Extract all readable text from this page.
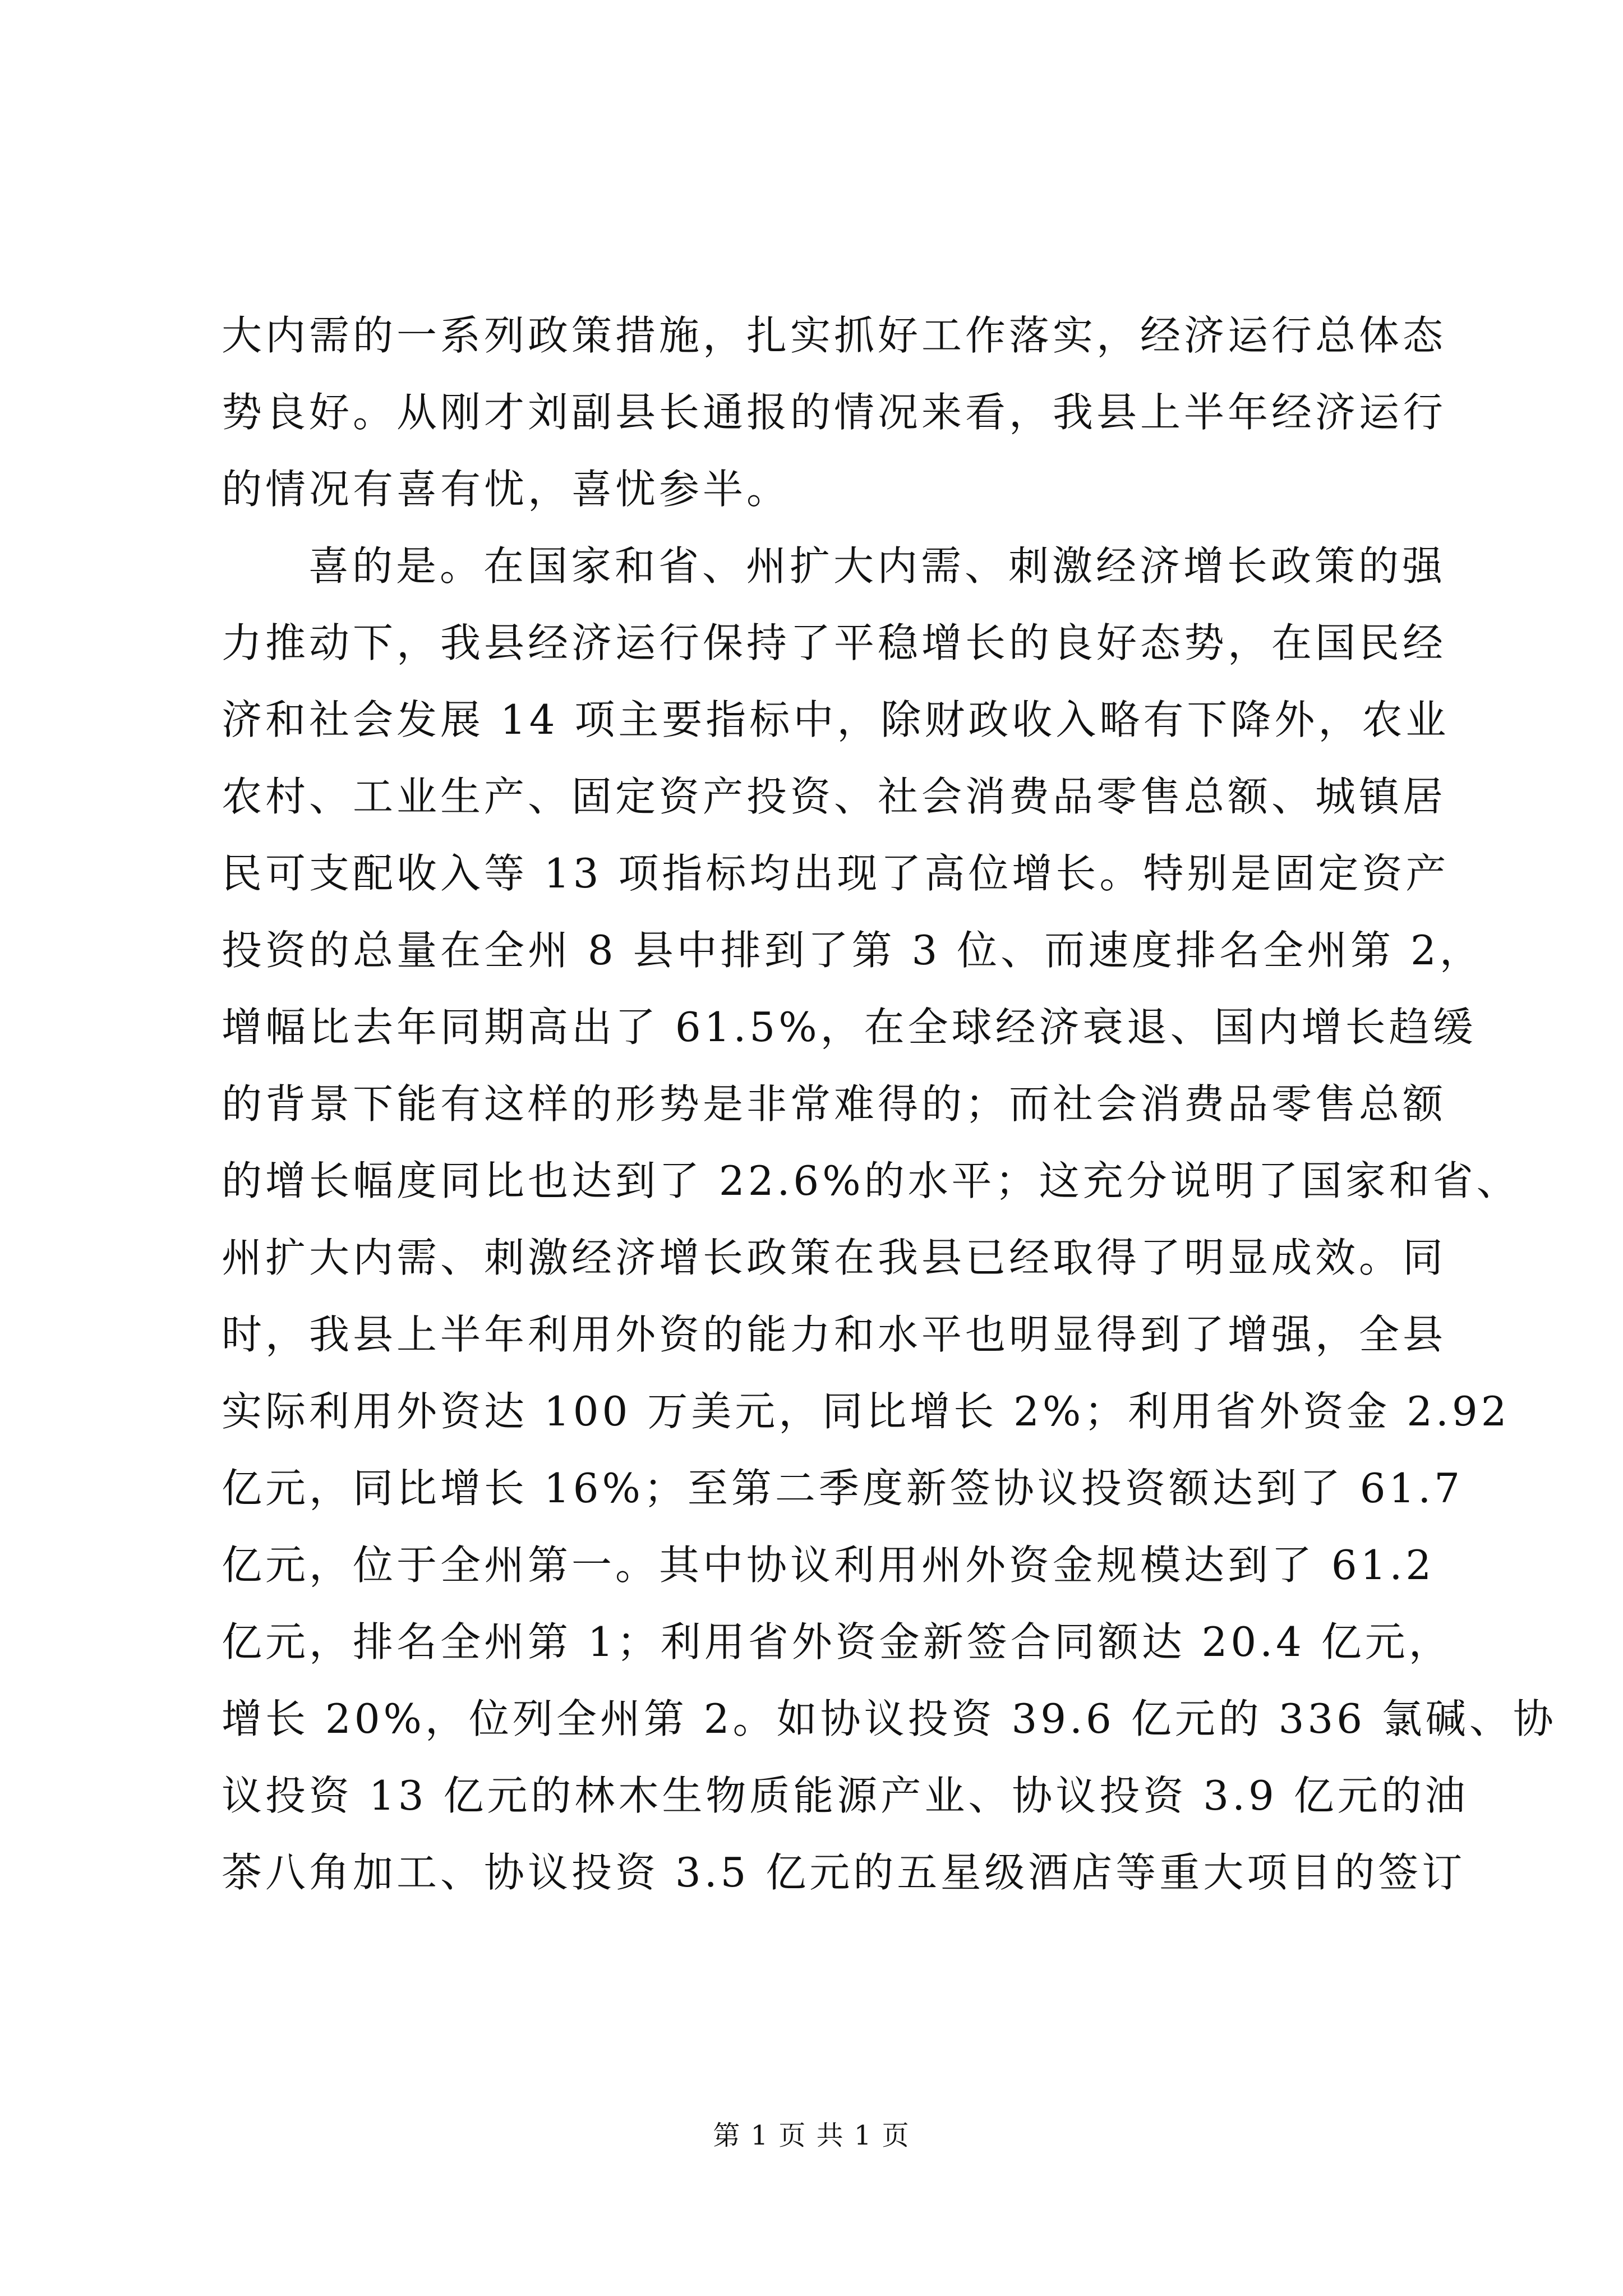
大内需的一系列政策措施，扎实抓好工作落实，经济运行总体态
势良好。从刚才刘副县长通报的情况来看，我县上半年经济运行
的情况有喜有忧，喜忧参半。
喜的是。在国家和省、州扩大内需、刺激经济增长政策的强
力推动下，我县经济运行保持了平稳增长的良好态势，在国民经
济和社会发展 14 项主要指标中，除财政收入略有下降外，农业
农村、工业生产、固定资产投资、社会消费品零售总额、城镇居
民可支配收入等 13 项指标均出现了高位增长。特别是固定资产
投资的总量在全州 8 县中排到了第 3 位、而速度排名全州第 2，
增幅比去年同期高出了 61.5%，在全球经济衰退、国内增长趋缓
的背景下能有这样的形势是非常难得的；而社会消费品零售总额
的增长幅度同比也达到了 22.6%的水平；这充分说明了国家和省、
州扩大内需、刺激经济增长政策在我县已经取得了明显成效。同
时，我县上半年利用外资的能力和水平也明显得到了增强，全县
实际利用外资达 100 万美元，同比增长 2%；利用省外资金 2.92
亿元，同比增长 16%；至第二季度新签协议投资额达到了 61.7
亿元，位于全州第一。其中协议利用州外资金规模达到了 61.2
亿元，排名全州第 1；利用省外资金新签合同额达 20.4 亿元，
增长 20%，位列全州第 2。如协议投资 39.6 亿元的 336 氯碱、协
议投资 13 亿元的林木生物质能源产业、协议投资 3.9 亿元的油
茶八角加工、协议投资 3.5 亿元的五星级酒店等重大项目的签订
第 1 页 共 1 页
